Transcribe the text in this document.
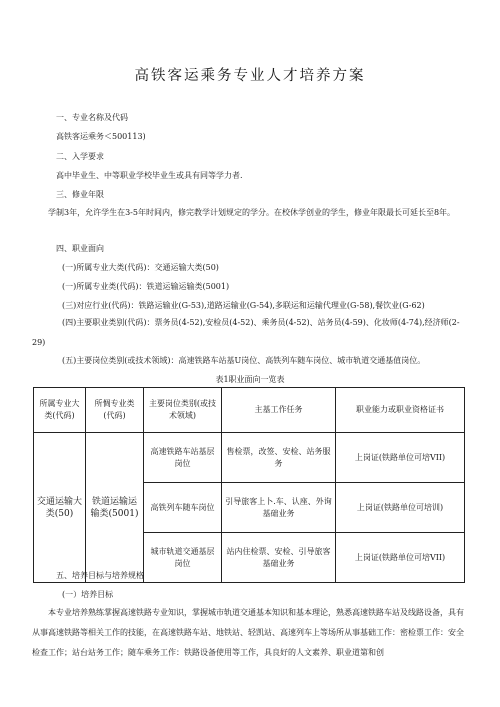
高铁客运乘务专业人才培养方案
一、专业名称及代码
高铁客运乘务＜500113)
二、入学要求
高中毕业生、中等职业学校毕业生或具有同等学力者.
三、修业年限
学制3年，允许学生在3-5年时间内，修完教学计划规定的学分。在校休学创业的学生，修业年限最长可延长至8年。
四、职业面向
(一)所属专业大类(代码)：交通运输大类(50)
(一)所属专业类(代码)：铁道运输运输类(5001)
(三)对应行业(代码)：铁路运输业(G-53),道路运输业(G-54),多联运和运输代理业(G-58),餐饮业(G-62)
(四)主要职业类别(代码)：票务员(4-52),安检员(4-52)、乘务员(4-52)、站务员(4-59)、化妆师(4-74),经济师(2-29)
(五)主要岗位类别(或技术领域)：高速铁路车站基U岗位、高铁列车随车岗位、城市轨道交通基值岗位。
表1职业面向一览表
所属专业大类(代码)	所惆专业类(代码)	主要岗位类别(或技术领域)	主基工作任务	职业能力或职业资格证书
交通运输大类(50)	铁道运输运输类(5001)	高速铁路车站基层岗位	售检票，改签、安检、站务服务	上岗证(铁路单位可培VII)
		高铁列车随车岗位	引导旅客上卜.车、认座、外询基础业务	上岗证(铁路单位可培训)
		城市轨道交通基层岗位	站内住检票、安检、引导旅客基础业务	上岗证(铁路单位可培VII)
五、培养目标与培养规格
(一）培养目标
本专业培养熟练掌握高速铁路专业知识，掌握城市轨道交通基本知识和基本理论，熟悉高速铁路车站及线路设备，具有从事高速铁路等相关工作的技能，在高速铁路车站、地铁站、轻凯站、高速列车上等场所从事基础工作：密检票工作：安全检查工作；站台站务工作；随车乘务工作：铁路设备使用等工作，具良好的人文素养、职业道第和创
